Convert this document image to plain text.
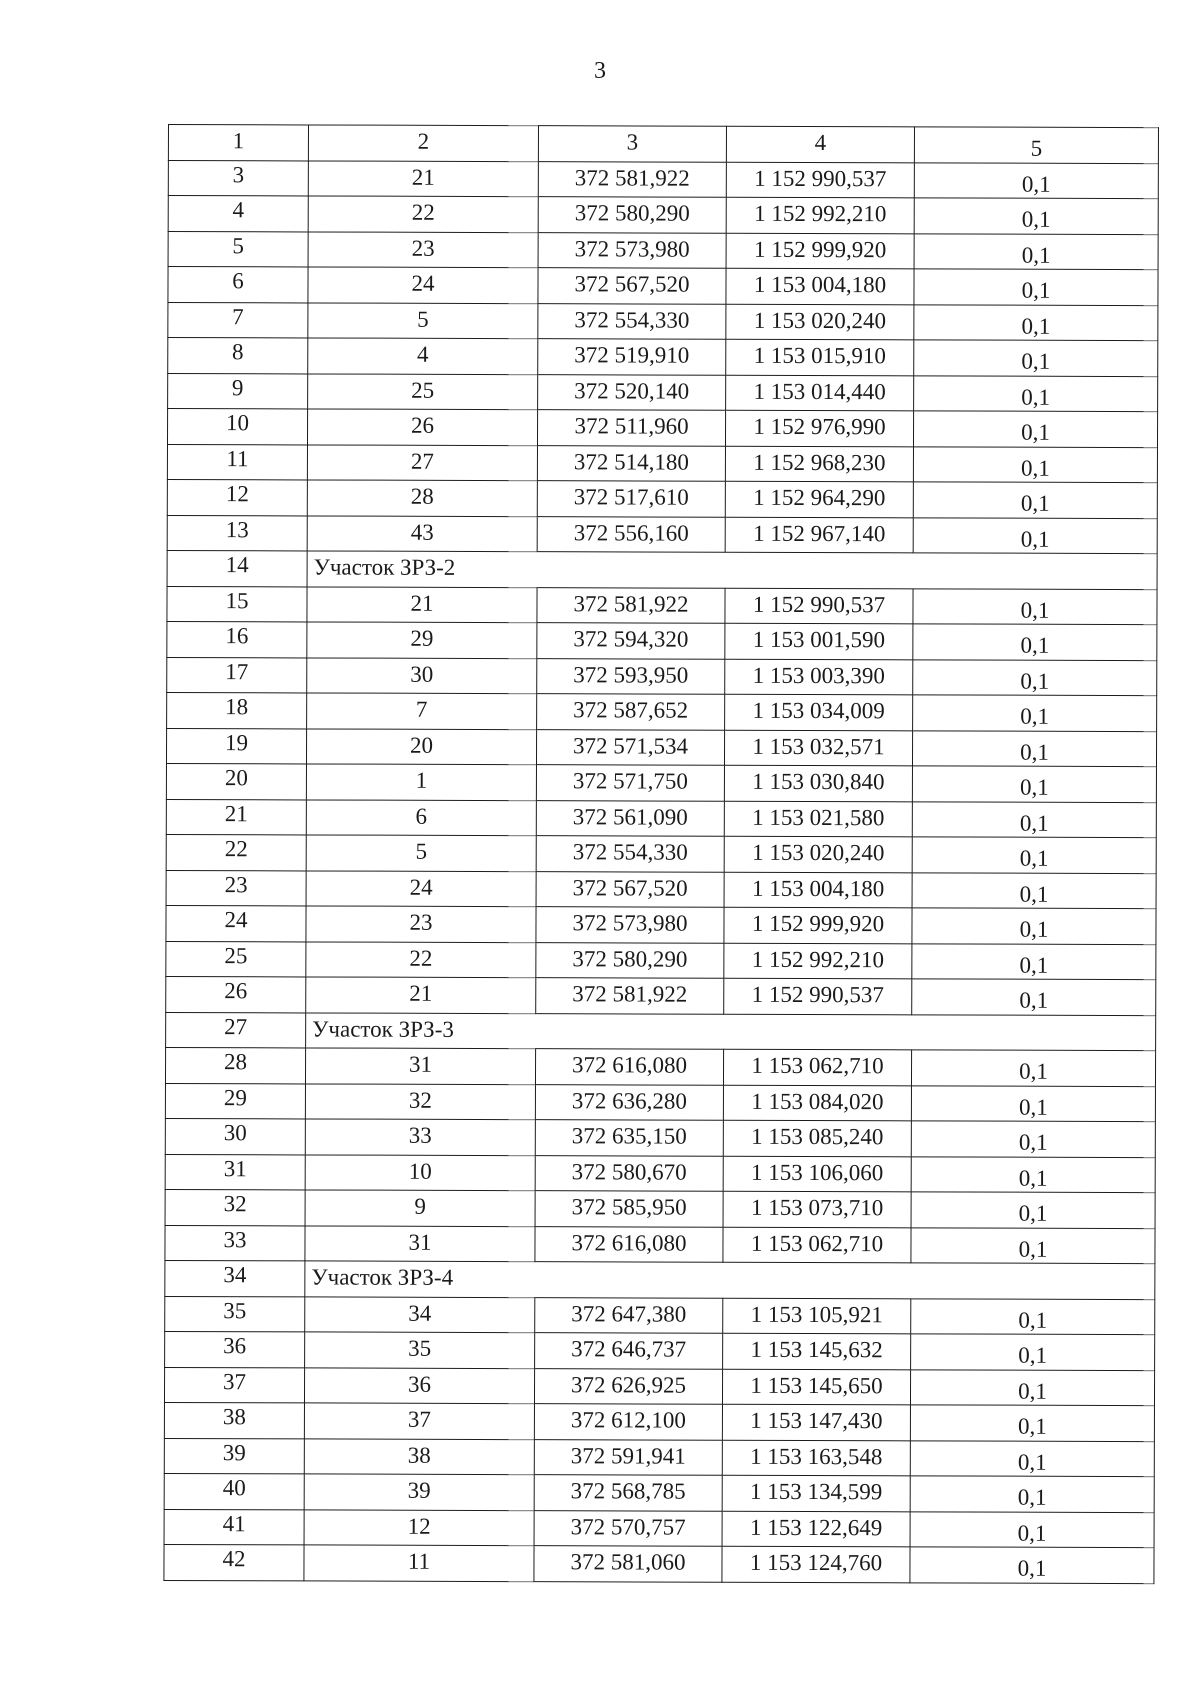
3
1	2	3	4	5
3	21	372 581,922	1 152 990,537	0,1
4	22	372 580,290	1 152 992,210	0,1
5	23	372 573,980	1 152 999,920	0,1
6	24	372 567,520	1 153 004,180	0,1
7	5	372 554,330	1 153 020,240	0,1
8	4	372 519,910	1 153 015,910	0,1
9	25	372 520,140	1 153 014,440	0,1
10	26	372 511,960	1 152 976,990	0,1
11	27	372 514,180	1 152 968,230	0,1
12	28	372 517,610	1 152 964,290	0,1
13	43	372 556,160	1 152 967,140	0,1
14	Участок ЗРЗ-2			
15	21	372 581,922	1 152 990,537	0,1
16	29	372 594,320	1 153 001,590	0,1
17	30	372 593,950	1 153 003,390	0,1
18	7	372 587,652	1 153 034,009	0,1
19	20	372 571,534	1 153 032,571	0,1
20	1	372 571,750	1 153 030,840	0,1
21	6	372 561,090	1 153 021,580	0,1
22	5	372 554,330	1 153 020,240	0,1
23	24	372 567,520	1 153 004,180	0,1
24	23	372 573,980	1 152 999,920	0,1
25	22	372 580,290	1 152 992,210	0,1
26	21	372 581,922	1 152 990,537	0,1
27	Участок ЗРЗ-3			
28	31	372 616,080	1 153 062,710	0,1
29	32	372 636,280	1 153 084,020	0,1
30	33	372 635,150	1 153 085,240	0,1
31	10	372 580,670	1 153 106,060	0,1
32	9	372 585,950	1 153 073,710	0,1
33	31	372 616,080	1 153 062,710	0,1
34	Участок ЗРЗ-4			
35	34	372 647,380	1 153 105,921	0,1
36	35	372 646,737	1 153 145,632	0,1
37	36	372 626,925	1 153 145,650	0,1
38	37	372 612,100	1 153 147,430	0,1
39	38	372 591,941	1 153 163,548	0,1
40	39	372 568,785	1 153 134,599	0,1
41	12	372 570,757	1 153 122,649	0,1
42	11	372 581,060	1 153 124,760	0,1
